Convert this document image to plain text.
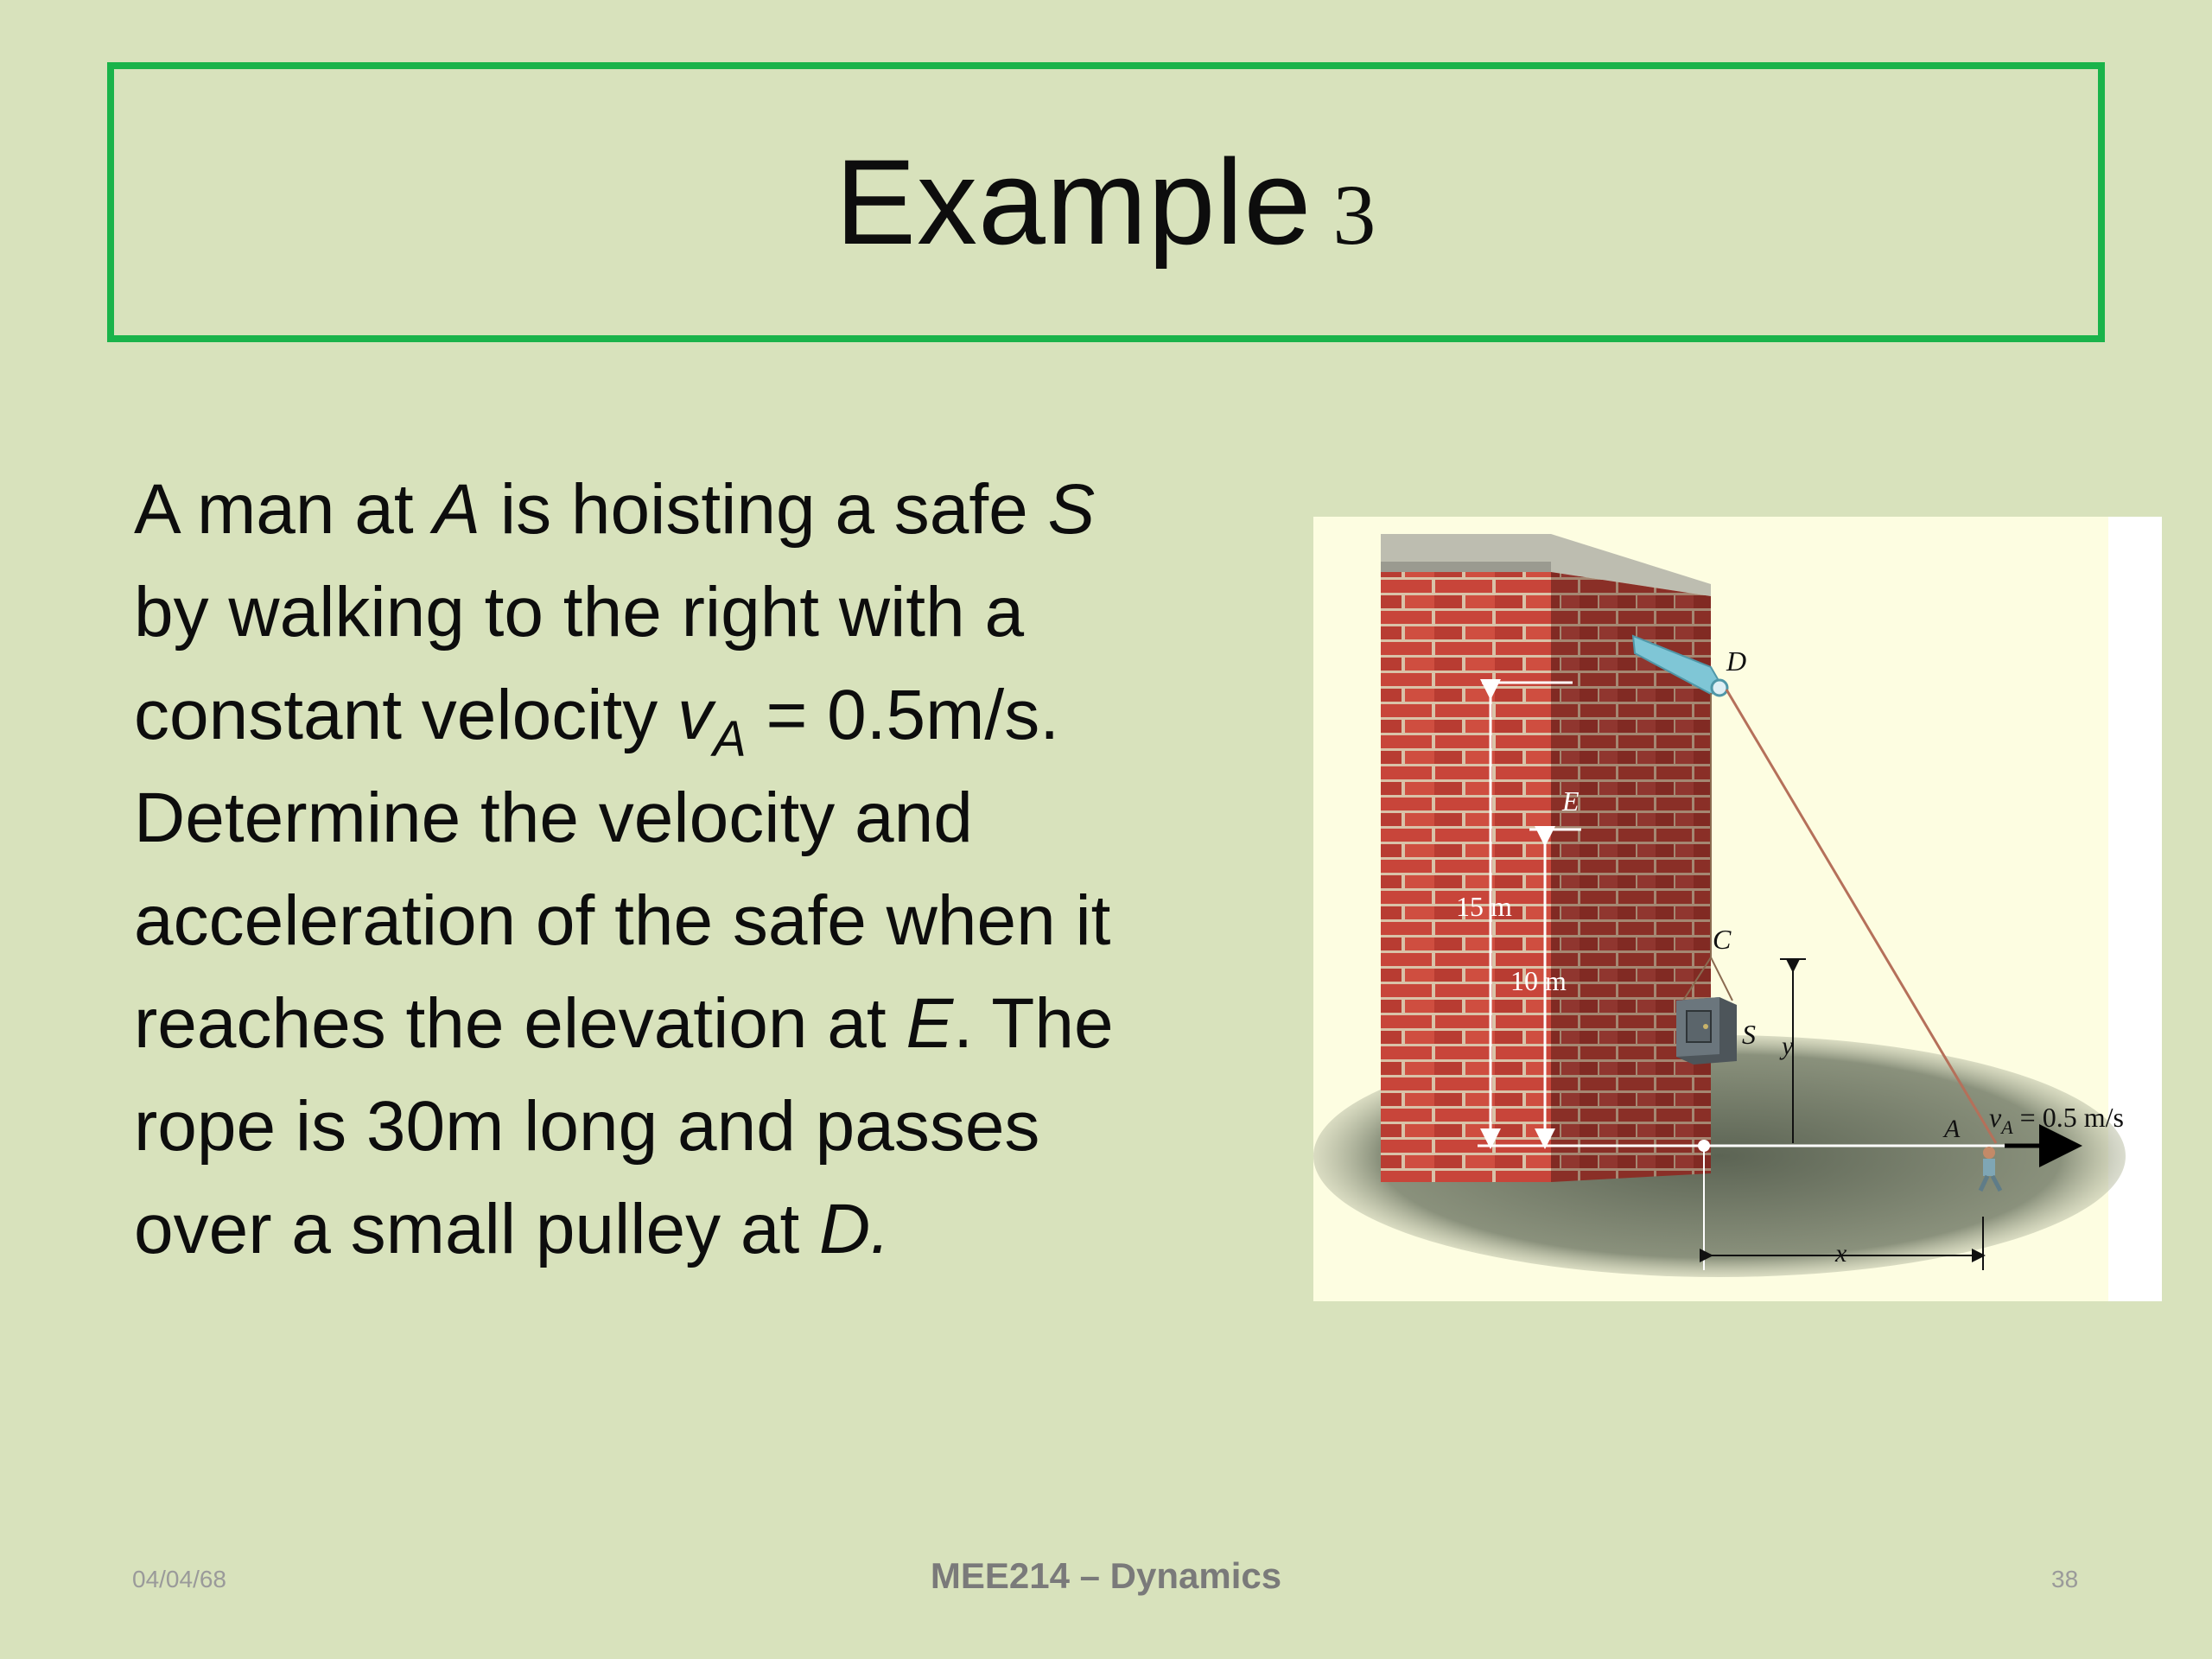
Example 3

A man at A is hoisting a safe S

by walking to the right with a

constant velocity $v_A = 0.5m/s$.

Determine the velocity and

acceleration of the safe when it

reaches the elevation at E. The

rope is 30m long and passes

over a small pulley at D.

15 m
10 m
D
E
C
S y
A
x
$v_A = 0.5$ m/s
04/04/68	MEE214 – Dynamics	38
